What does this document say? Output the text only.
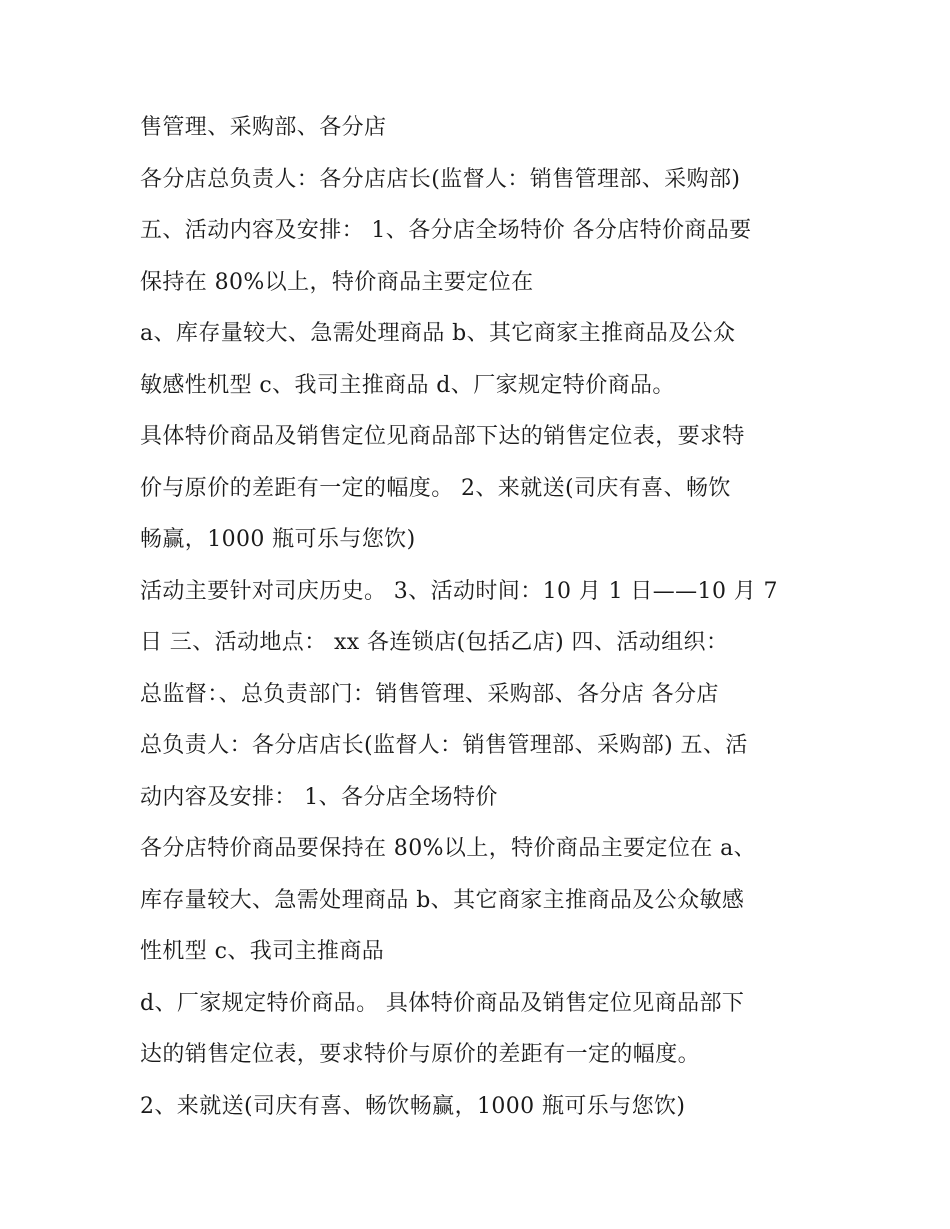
售管理、采购部、各分店
各分店总负责人：各分店店长(监督人：销售管理部、采购部)
五、活动内容及安排： 1、各分店全场特价 各分店特价商品要
保持在 80%以上，特价商品主要定位在
a、库存量较大、急需处理商品 b、其它商家主推商品及公众
敏感性机型 c、我司主推商品 d、厂家规定特价商品。
具体特价商品及销售定位见商品部下达的销售定位表，要求特
价与原价的差距有一定的幅度。 2、来就送(司庆有喜、畅饮
畅赢，1000 瓶可乐与您饮)
活动主要针对司庆历史。 3、活动时间：10 月 1 日——10 月 7
日 三、活动地点： xx 各连锁店(包括乙店) 四、活动组织：
总监督：、总负责部门：销售管理、采购部、各分店 各分店
总负责人：各分店店长(监督人：销售管理部、采购部) 五、活
动内容及安排： 1、各分店全场特价
各分店特价商品要保持在 80%以上，特价商品主要定位在 a、
库存量较大、急需处理商品 b、其它商家主推商品及公众敏感
性机型 c、我司主推商品
d、厂家规定特价商品。 具体特价商品及销售定位见商品部下
达的销售定位表，要求特价与原价的差距有一定的幅度。
2、来就送(司庆有喜、畅饮畅赢，1000 瓶可乐与您饮)
